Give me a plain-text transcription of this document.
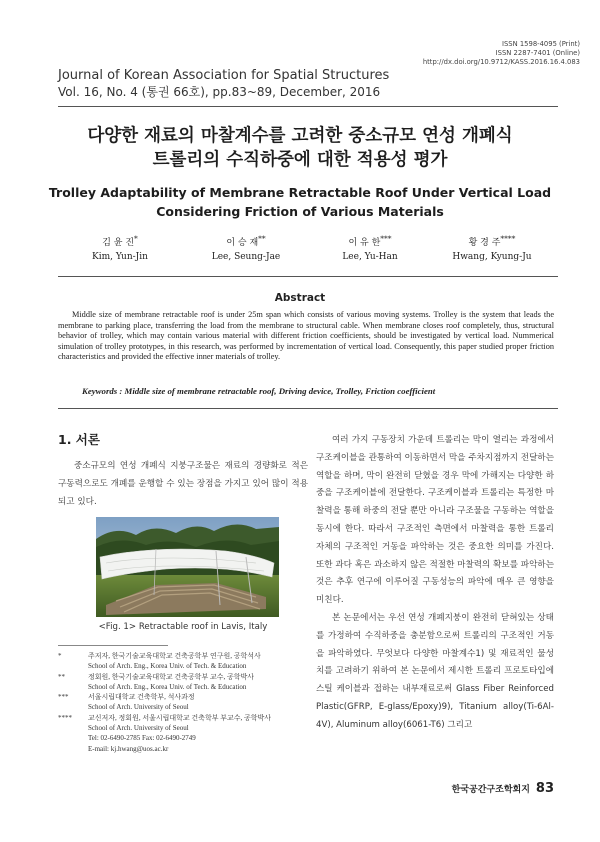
ISSN 1598-4095 (Print)
ISSN 2287-7401 (Online)
http://dx.doi.org/10.9712/KASS.2016.16.4.083
Journal of Korean Association for Spatial Structures
Vol. 16, No. 4 (통권 66호), pp.83~89, December, 2016
다양한 재료의 마찰계수를 고려한 중소규모 연성 개폐식
트롤리의 수직하중에 대한 적용성 평가
Trolley Adaptability of Membrane Retractable Roof Under Vertical Load
Considering Friction of Various Materials
김 윤 진*
Kim, Yun-Jin
이 승 재**
Lee, Seung-Jae
이 유 한***
Lee, Yu-Han
황 경 주****
Hwang, Kyung-Ju
Abstract
Middle size of membrane retractable roof is under 25m span which consists of various moving systems. Trolley is the system that leads the membrane to parking place, transferring the load from the membrane to structural cable. When membrane closes roof completely, thus, structural behavior of trolley, which may contain various material with different friction coefficients, should be investigated by vertical load. Nummerical simulation of trolley prototypes, in this research, was performed by incrementation of vertical load. Consequently, this paper studied proper friction characteristics and provided the effective inner materials of trolley.
Keywords : Middle size of membrane retractable roof, Driving device, Trolley, Friction coefficient
1. 서론

중소규모의 연성 개폐식 지붕구조물은 재료의 경량화로 적은 구동력으로도 개폐를 운행할 수 있는 장점을 가지고 있어 많이 적용되고 있다.

<Fig. 1> Retractable roof in Lavis, Italy
*	주저자, 한국기술교육대학교 건축공학부 연구원, 공학석사
School of Arch. Eng., Korea Univ. of Tech. & Education
**	정회원, 한국기술교육대학교 건축공학부 교수, 공학박사
School of Arch. Eng., Korea Univ. of Tech. & Education
***	서울시립대학교 건축학부, 석사과정
School of Arch. University of Seoul
**** 교신저자, 정회원, 서울시립대학교 건축학부 부교수, 공학박사
School of Arch. University of Seoul
Tel: 02-6490-2785 Fax: 02-6490-2749
E-mail: kj.hwang@uos.ac.kr

여러 가지 구동장치 가운데 트롤리는 막이 열리는 과정에서 구조케이블을 관통하여 이동하면서 막을 주차지점까지 전달하는 역할을 하며, 막이 완전히 닫혔을 경우 막에 가해지는 다양한 하중을 구조케이블에 전달한다. 구조케이블과 트롤리는 특정한 마찰력을 통해 하중의 전달 뿐만 아니라 구조물을 구동하는 역할을 동시에 한다. 따라서 구조적인 측면에서 마찰력을 통한 트롤리 자체의 구조적인 거동을 파악하는 것은 중요한 의미를 가진다. 또한 과다 혹은 과소하지 않은 적절한 마찰력의 확보를 파악하는 것은 추후 연구에 이루어질 구동성능의 파악에 매우 큰 영향을 미친다.

본 논문에서는 우선 연성 개폐지붕이 완전히 닫혀있는 상태를 가정하여 수직하중을 충분함으로써 트롤리의 구조적인 거동을 파악하였다. 무엇보다 다양한 마찰계수1) 및 재료적인 물성치를 고려하기 위하여 본 논문에서 제시한 트롤리 프로토타입에 스틸 케이블과 접하는 내부재료로써 Glass Fiber Reinforced Plastic(GFRP, E-glass/Epoxy)9), Titanium alloy(Ti-6Al-4V), Aluminum alloy(6061-T6) 그리고

한국공간구조학회지 83
